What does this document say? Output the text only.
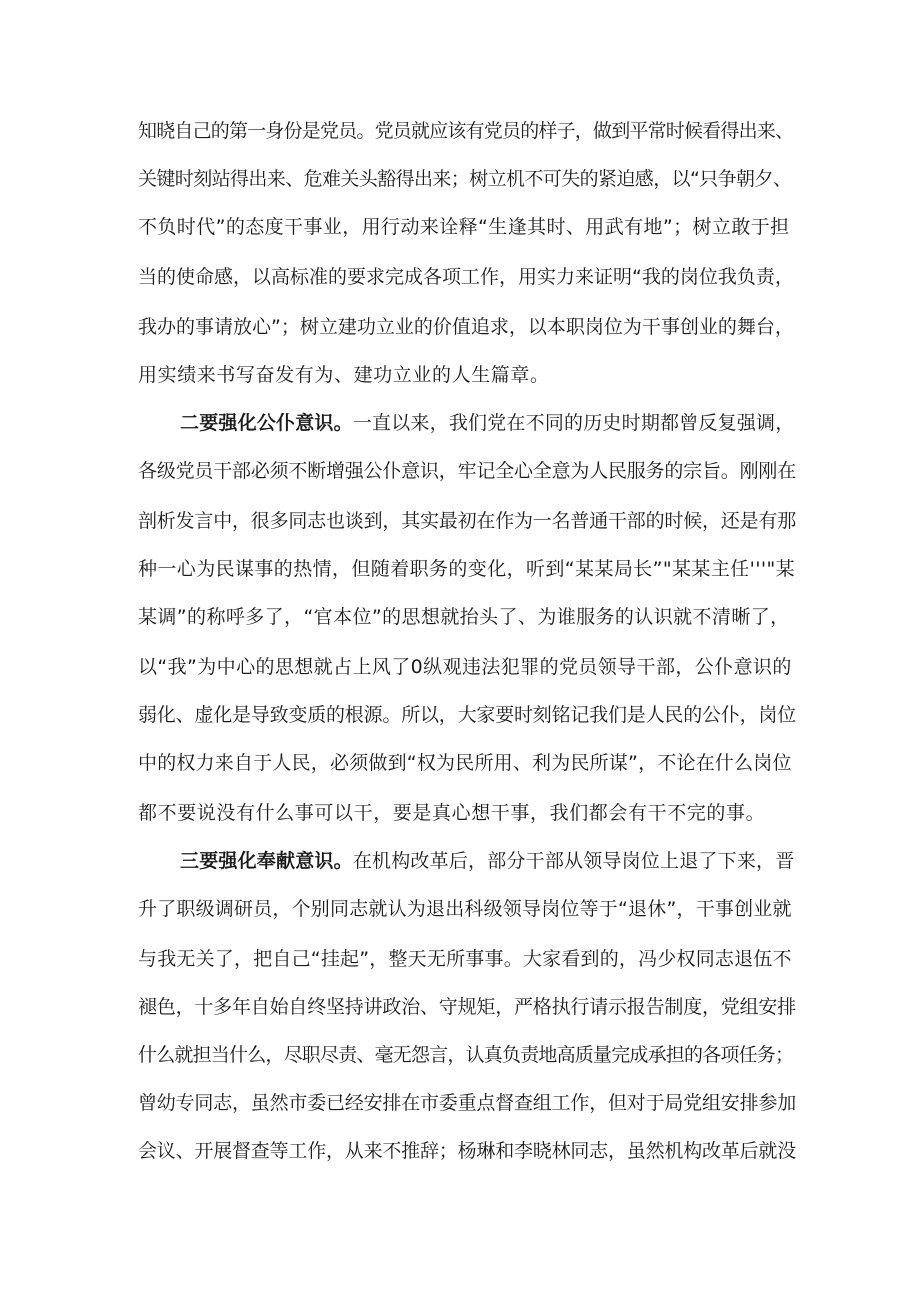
知晓自己的第一身份是党员。党员就应该有党员的样子，做到平常时候看得出来、
关键时刻站得出来、危难关头豁得出来；树立机不可失的紧迫感，以“只争朝夕、
不负时代”的态度干事业，用行动来诠释“生逢其时、用武有地”；树立敢于担
当的使命感，以高标准的要求完成各项工作，用实力来证明“我的岗位我负责，
我办的事请放心”；树立建功立业的价值追求，以本职岗位为干事创业的舞台，
用实绩来书写奋发有为、建功立业的人生篇章。
二要强化公仆意识。一直以来，我们党在不同的历史时期都曾反复强调，
各级党员干部必须不断增强公仆意识，牢记全心全意为人民服务的宗旨。刚刚在
剖析发言中，很多同志也谈到，其实最初在作为一名普通干部的时候，还是有那
种一心为民谋事的热情，但随着职务的变化，听到“某某局长”"某某主任'''"某
某调”的称呼多了，“官本位”的思想就抬头了、为谁服务的认识就不清晰了，
以“我”为中心的思想就占上风了0纵观违法犯罪的党员领导干部，公仆意识的
弱化、虚化是导致变质的根源。所以，大家要时刻铭记我们是人民的公仆，岗位
中的权力来自于人民，必须做到“权为民所用、利为民所谋”，不论在什么岗位
都不要说没有什么事可以干，要是真心想干事，我们都会有干不完的事。
三要强化奉献意识。在机构改革后，部分干部从领导岗位上退了下来，晋
升了职级调研员，个别同志就认为退出科级领导岗位等于“退休”，干事创业就
与我无关了，把自己“挂起”，整天无所事事。大家看到的，冯少权同志退伍不
褪色，十多年自始自终坚持讲政治、守规矩，严格执行请示报告制度，党组安排
什么就担当什么，尽职尽责、毫无怨言，认真负责地高质量完成承担的各项任务；
曾幼专同志，虽然市委已经安排在市委重点督查组工作，但对于局党组安排参加
会议、开展督查等工作，从来不推辞；杨琳和李晓林同志，虽然机构改革后就没
